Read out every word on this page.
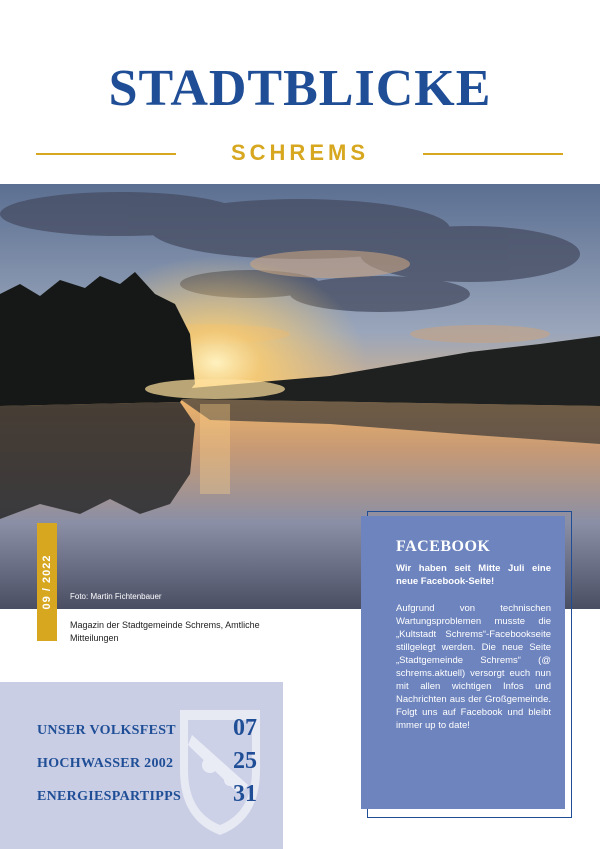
STADTBLICKE
SCHREMS
Foto: Martin Fichtenbauer
09 / 2022
Magazin der Stadtgemeinde Schrems, Amtliche Mitteilungen
UNSER VOLKSFEST 07
HOCHWASSER 2002 25
ENERGIESPARTIPPS 31
FACEBOOK
Wir haben seit Mitte Juli eine neue Facebook-Seite!
Aufgrund von technischen Wartungsproblemen musste die „Kultstadt Schrems“-Facebookseite stillgelegt werden. Die neue Seite „Stadtgemeinde Schrems“ (@ schrems.aktuell) versorgt euch nun mit allen wichtigen Infos und Nachrichten aus der Großgemeinde. Folgt uns auf Facebook und bleibt immer up to date!
